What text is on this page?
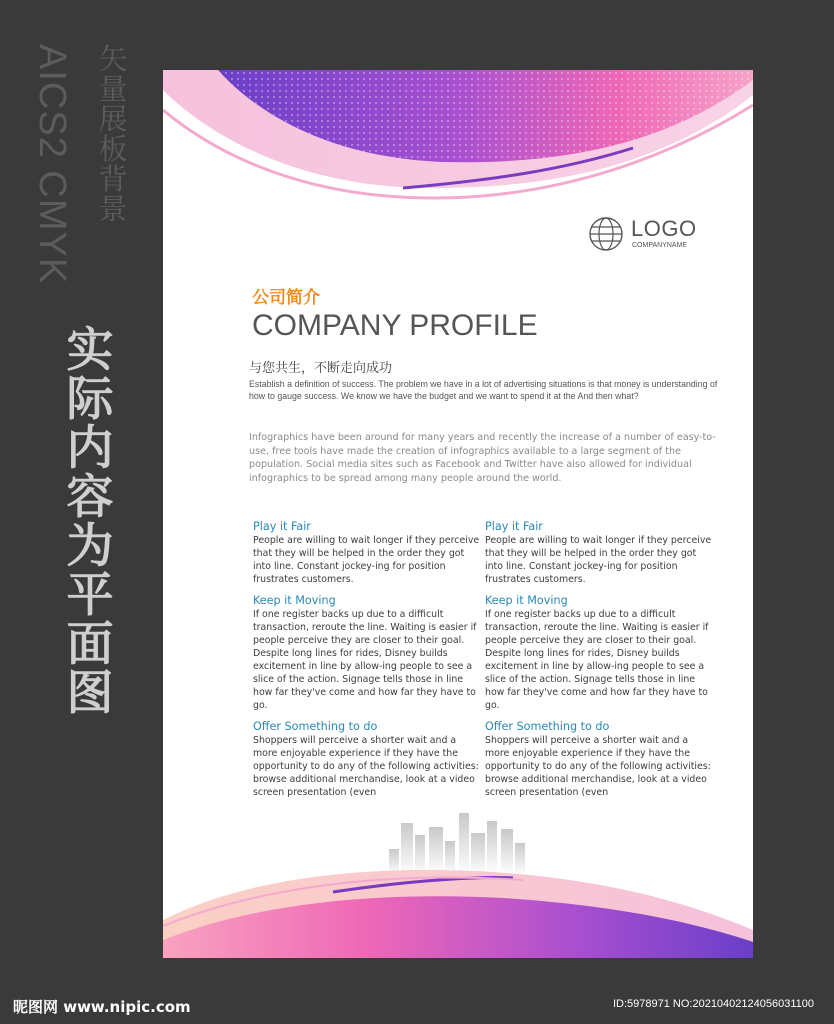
矢量展板背景
AICS2 CMYK
实际内容为平面图
LOGO
COMPANYNAME
公司简介
COMPANY PROFILE
与您共生，不断走向成功
Establish a definition of success. The problem we have in a lot of advertising situations is that money is understanding of how to gauge success. We know we have the budget and we want to spend it at the And then what?
Infographics have been around for many years and recently the increase of a number of easy-to-use, free tools have made the creation of infographics available to a large segment of the population. Social media sites such as Facebook and Twitter have also allowed for individual infographics to be spread among many people around the world.

Play it Fair

People are willing to wait longer if they perceive that they will be helped in the order they got into line. Constant jockey-ing for position frustrates customers.

Keep it Moving

If one register backs up due to a difficult transaction, reroute the line. Waiting is easier if people perceive they are closer to their goal. Despite long lines for rides, Disney builds excitement in line by allow-ing people to see a slice of the action. Signage tells those in line how far they've come and how far they have to go.

Offer Something to do

Shoppers will perceive a shorter wait and a more enjoyable experience if they have the opportunity to do any of the following activities: browse additional merchandise, look at a video screen presentation (even

Play it Fair

People are willing to wait longer if they perceive that they will be helped in the order they got into line. Constant jockey-ing for position frustrates customers.

Keep it Moving

If one register backs up due to a difficult transaction, reroute the line. Waiting is easier if people perceive they are closer to their goal. Despite long lines for rides, Disney builds excitement in line by allow-ing people to see a slice of the action. Signage tells those in line how far they've come and how far they have to go.

Offer Something to do

Shoppers will perceive a shorter wait and a more enjoyable experience if they have the opportunity to do any of the following activities: browse additional merchandise, look at a video screen presentation (even

昵图网 www.nipic.com	ID:5978971 NO:20210402124056031100
